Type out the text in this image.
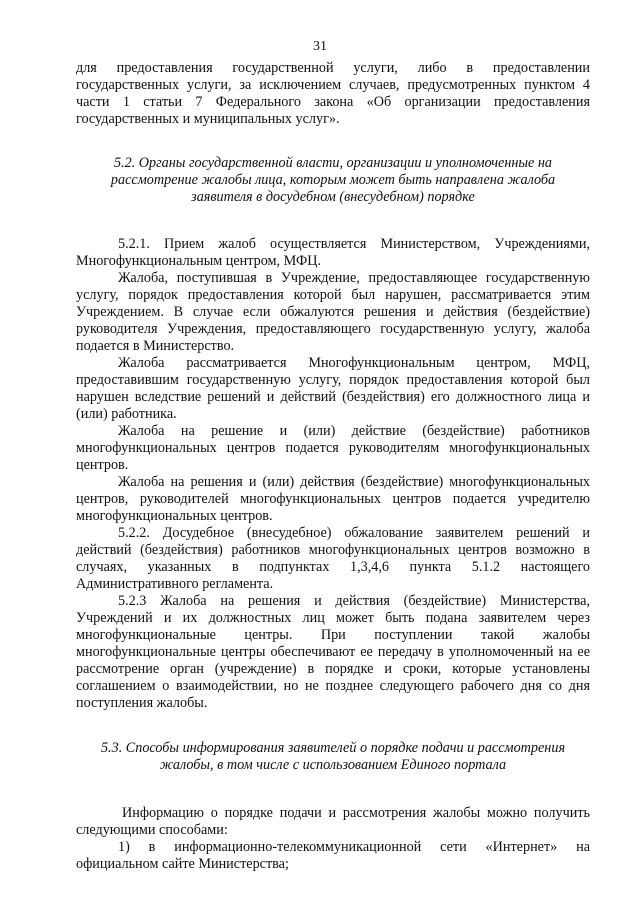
31

для предоставления государственной услуги, либо в предоставлении государственных услуги, за исключением случаев, предусмотренных пунктом 4 части 1 статьи 7 Федерального закона «Об организации предоставления государственных и муниципальных услуг».

5.2. Органы государственной власти, организации и уполномоченные на рассмотрение жалобы лица, которым может быть направлена жалоба заявителя в досудебном (внесудебном) порядке

5.2.1. Прием жалоб осуществляется Министерством, Учреждениями, Многофункциональным центром, МФЦ.

Жалоба, поступившая в Учреждение, предоставляющее государственную услугу, порядок предоставления которой был нарушен, рассматривается этим Учреждением. В случае если обжалуются решения и действия (бездействие) руководителя Учреждения, предоставляющего государственную услугу, жалоба подается в Министерство.

Жалоба рассматривается Многофункциональным центром, МФЦ, предоставившим государственную услугу, порядок предоставления которой был нарушен вследствие решений и действий (бездействия) его должностного лица и (или) работника.

Жалоба на решение и (или) действие (бездействие) работников многофункциональных центров подается руководителям многофункциональных центров.

Жалоба на решения и (или) действия (бездействие) многофункциональных центров, руководителей многофункциональных центров подается учредителю многофункциональных центров.

5.2.2. Досудебное (внесудебное) обжалование заявителем решений и действий (бездействия) работников многофункциональных центров возможно в случаях, указанных в подпунктах 1,3,4,6 пункта 5.1.2 настоящего Административного регламента.

5.2.3 Жалоба на решения и действия (бездействие) Министерства, Учреждений и их должностных лиц может быть подана заявителем через многофункциональные центры. При поступлении такой жалобы многофункциональные центры обеспечивают ее передачу в уполномоченный на ее рассмотрение орган (учреждение) в порядке и сроки, которые установлены соглашением о взаимодействии, но не позднее следующего рабочего дня со дня поступления жалобы.

5.3. Способы информирования заявителей о порядке подачи и рассмотрения жалобы, в том числе с использованием Единого портала

Информацию о порядке подачи и рассмотрения жалобы можно получить следующими способами:

1) в информационно-телекоммуникационной сети «Интернет» на официальном сайте Министерства;
